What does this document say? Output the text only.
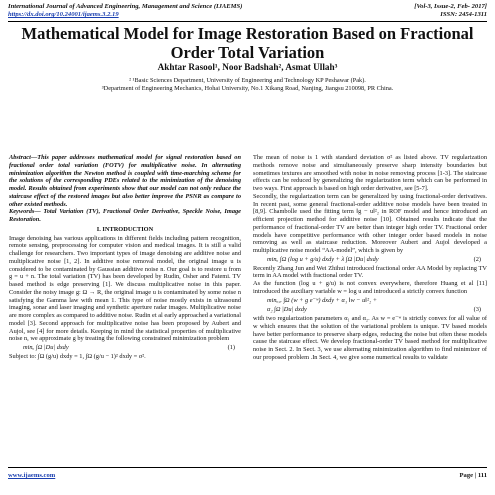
International Journal of Advanced Engineering, Management and Science (IJAEMS)	[Vol-3, Issue-2, Feb- 2017]
https://dx.doi.org/10.24001/ijaems.3.2.19	ISSN: 2454-1311
Mathematical Model for Image Restoration Based on Fractional Order Total Variation
Akhtar Rasool¹, Noor Badshah², Asmat Ullah³
² ¹Basic Sciences Department, University of Engineering and Technology KP Peshawar (Pak).
³Department of Engineering Mechanics, Hohai University, No.1 Xikang Road, Nanjing, Jiangsu 210098, PR China.

Abstract—This paper addresses mathematical model for signal restoration based on fractional order total variation (FOTV) for multiplicative noise. In alternating minimization algorithm the Newton method is coupled with time-marching scheme for the solutions of the corresponding PDEs related to the minimization of the denoising model. Results obtained from experiments show that our model can not only reduce the staircase effect of the restored images but also better improve the PSNR as compare to other existed methods.

Keywords— Total Variation (TV), Fractional Order Derivative, Speckle Noise, Image Restoration.

I. INTRODUCTION

Image denoising has various applications in different fields including pattern recognition, remote sensing, preprocessing for computer vision and medical images. It is still a valid challenge for researchers. Two important types of image denoising are additive noise and multiplicative noise [1, 2]. In additive noise removal model, the original image u is considered to be contaminated by Gaussian additive noise n. Our goal is to restore u from g = u + n. The total variation (TV) has been developed by Rudin, Osher and Fatemi. TV based method is edge preserving [1]. We discuss multiplicative noise in this paper. Consider the noisy image g: Ω → R, the original image u is contaminated by some noise n satisfying the Gamma law with mean 1. This type of noise mostly exists in ultrasound imaging, sonar and laser imaging and synthetic aperture radar images. Multiplicative noise are more complex as compared to additive noise. Rudin et al early approached a variational model [3]. Second approach for multiplicative noise has been proposed by Aubert and Aujol, see [4] for more details. Keeping in mind the statistical properties of multiplicative noise n, we approximate g by treating the following constrained minimization problem

minᵤ ∫Ω |Du| dxdy	(1)

Subject to: ∫Ω (g/u) dxdy = 1, ∫Ω (g/u − 1)² dxdy = σ².

The mean of noise is 1 with standard deviation σ² as listed above. TV regularization methods remove noise and simultaneously preserve sharp intensity boundaries but sometimes textures are smoothed with noise in noise removing process [1-3]. The staircase effects can be reduced by generalizing the regularization term which can be performed in two ways. First approach is based on high order derivative, see [5-7].

Secondly, the regularization term can be generalized by using fractional-order derivatives. In recent past, some general fractional-order additive noise models have been treated in [8,9]. Chambolle used the fitting term ‖g − u‖²₂ in ROF model and hence introduced an efficient projection method for additive noise [10]. Obtained results indicate that the performance of fractional-order TV are better than integer high order TV. Fractional order models have competitive performance with other integer order based models in noise removing as well as staircase reduction. Moreover Aubert and Aujol developed a multiplicative noise model “AA-model”, which is given by

minᵤ ∫Ω (log u + g/u) dxdy + λ ∫Ω |Du| dxdy	(2)

Recently Zhang Jun and Wei Zhihui introduced fractional order AA Model by replacing TV term in AA model with fractional order TV.

As the function (log u + g/u) is not convex everywhere, therefore Huang et al [11] introduced the auxiliary variable w = log u and introduced a strictly convex function

minᵤ,ᵥ ∫Ω (w + g e⁻ʷ) dxdy + α₁ ‖w − u‖²₂ +
α₂ ∫Ω |Du| dxdy	(3)

with two regularization parameters α₁ and α₂. As w = e⁻ʷ is strictly convex for all value of w which ensures that the solution of the variational problem is unique. TV based models have better performance to preserve sharp edges, reducing the noise but often these models cause the staircase effect. We develop fractional-order TV based method for multiplicative noise in Sect. 2. In Sect. 3, we use alternating minimization algorithm to find minimizer of our proposed problem .In Sect. 4, we give some numerical results to validate

www.ijaems.com	Page | 111
